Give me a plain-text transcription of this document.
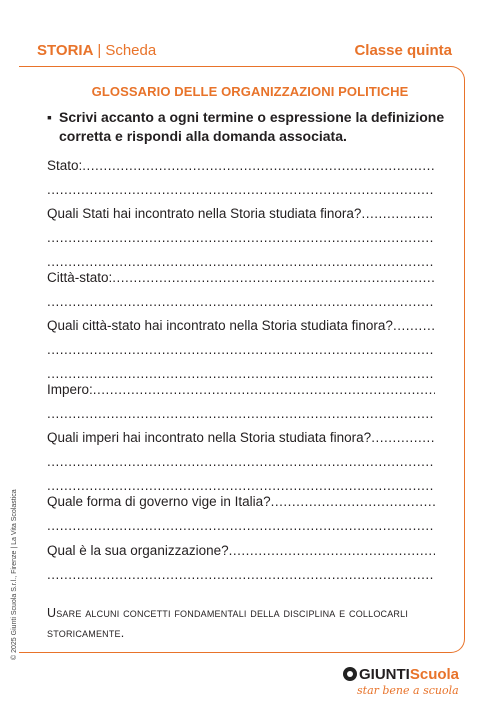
STORIA | Scheda	Classe quinta
GLOSSARIO DELLE ORGANIZZAZIONI POLITICHE
▪ Scrivi accanto a ogni termine o espressione la definizione corretta e rispondi alla domanda associata.
Stato:
.....
.....
Quali Stati hai incontrato nella Storia studiata finora?
.....
.....
.....
Città-stato:
.....
.....
Quali città-stato hai incontrato nella Storia studiata finora?
.....
.....
.....
Impero:
.....
.....
Quali imperi hai incontrato nella Storia studiata finora?
.....
.....
.....
Quale forma di governo vige in Italia?
.....
.....
Qual è la sua organizzazione?
.....
.....
Usare alcuni concetti fondamentali della disciplina e collocarli storicamente.
© 2025 Giunti Scuola S.r.l., Firenze | La Vita Scolastica
GIUNTIScuola
star bene a scuola
